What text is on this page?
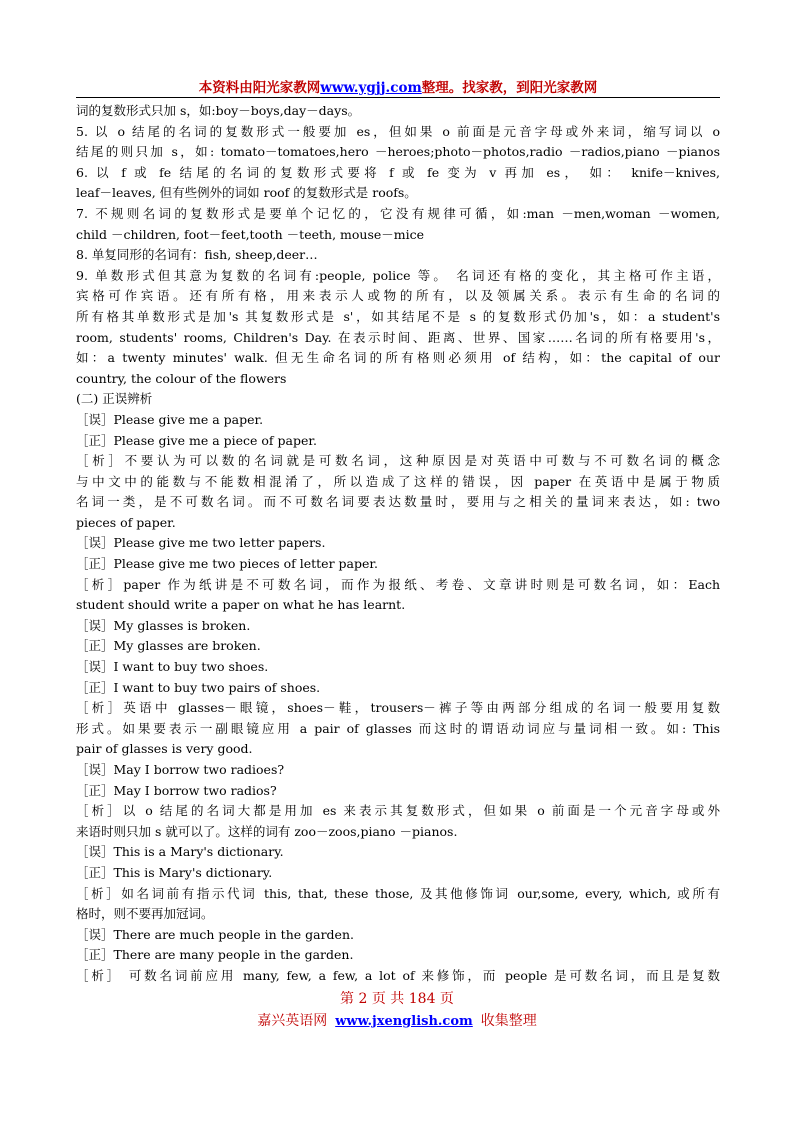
本资料由阳光家教网www.ygjj.com整理。找家教，到阳光家教网
词的复数形式只加 s，如:boy－boys,day－days。
5. 以 o 结尾的名词的复数形式一般要加 es，但如果 o 前面是元音字母或外来词，缩写词以 o
结尾的则只加 s，如: tomato－tomatoes,hero －heroes;photo－photos,radio －radios,piano －pianos
6. 以 f 或 fe 结尾的名词的复数形式要将 f 或 fe 变为 v 再加 es， 如： knife－knives,
leaf－leaves, 但有些例外的词如 roof 的复数形式是 roofs。
7. 不规则名词的复数形式是要单个记忆的，它没有规律可循，如:man －men,woman －women,
child －children, foot－feet,tooth －teeth, mouse－mice
8. 单复同形的名词有：fish, sheep,deer…
9. 单数形式但其意为复数的名词有:people, police 等。 名词还有格的变化，其主格可作主语，
宾格可作宾语。还有所有格，用来表示人或物的所有，以及领属关系。表示有生命的名词的
所有格其单数形式是加's 其复数形式是 s'，如其结尾不是 s 的复数形式仍加's，如：a student's
room, students' rooms, Children's Day. 在表示时间、距离、世界、国家……名词的所有格要用's，
如：a twenty minutes' walk. 但无生命名词的所有格则必须用 of 结构，如：the capital of our
country, the colour of the flowers
(二) 正误辨析
［误］Please give me a paper.
［正］Please give me a piece of paper.
［析］不要认为可以数的名词就是可数名词，这种原因是对英语中可数与不可数名词的概念
与中文中的能数与不能数相混淆了，所以造成了这样的错误，因 paper 在英语中是属于物质
名词一类，是不可数名词。而不可数名词要表达数量时，要用与之相关的量词来表达，如: two
pieces of paper.
［误］Please give me two letter papers.
［正］Please give me two pieces of letter paper.
［析］paper 作为纸讲是不可数名词，而作为报纸、考卷、文章讲时则是可数名词，如：Each
student should write a paper on what he has learnt.
［误］My glasses is broken.
［正］My glasses are broken.
［误］I want to buy two shoes.
［正］I want to buy two pairs of shoes.
［析］英语中 glasses－眼镜，shoes－鞋，trousers－裤子等由两部分组成的名词一般要用复数
形式。如果要表示一副眼镜应用 a pair of glasses 而这时的谓语动词应与量词相一致。如: This
pair of glasses is very good.
［误］May I borrow two radioes?
［正］May I borrow two radios?
［析］以 o 结尾的名词大都是用加 es 来表示其复数形式，但如果 o 前面是一个元音字母或外
来语时则只加 s 就可以了。这样的词有 zoo－zoos,piano －pianos.
［误］This is a Mary's dictionary.
［正］This is Mary's dictionary.
［析］如名词前有指示代词 this, that, these those, 及其他修饰词 our,some, every, which, 或所有
格时，则不要再加冠词。
［误］There are much people in the garden.
［正］There are many people in the garden.
［析］ 可数名词前应用 many, few, a few, a lot of 来修饰，而 people 是可数名词，而且是复数
第 2 页 共 184 页
嘉兴英语网 www.jxenglish.com 收集整理
